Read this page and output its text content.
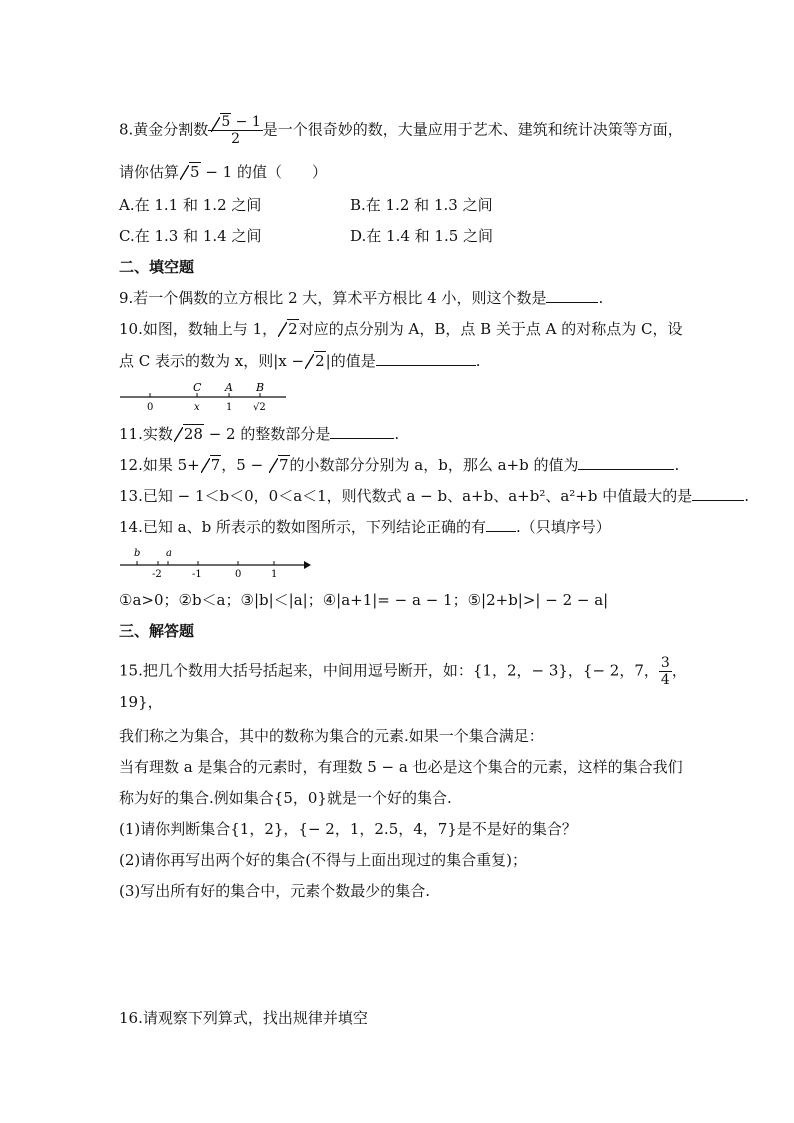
8.黄金分割数 $\frac{5 - 1}{2}$ 是一个很奇妙的数，大量应用于艺术、建筑和统计决策等方面，
请你估算 5 − 1 的值（　　）
A.在 1.1 和 1.2 之间	B.在 1.2 和 1.3 之间
C.在 1.3 和 1.4 之间	D.在 1.4 和 1.5 之间
二、填空题
9.若一个偶数的立方根比 2 大，算术平方根比 4 小，则这个数是	.
10.如图，数轴上与 1， 2对应的点分别为 A，B，点 B 关于点 A 的对称点为 C，设
点 C 表示的数为 x，则|x − 2|的值是	.
C A B
0	x	1 √2
11.实数 28 − 2 的整数部分是	.
12.如果 5+ 7，5 − 7的小数部分分别为 a，b，那么 a+b 的值为	.
13.已知 − 1＜b＜0，0＜a＜1，则代数式 a − b、a+b、a+b²、a²+b 中值最大的是	.
14.已知 a、b 所表示的数如图所示，下列结论正确的有 .（只填序号）
b	a
-2	-1	0	1
①a>0；②b＜a；③|b|＜|a|；④|a+1|= − a − 1；⑤|2+b|>| − 2 − a|
三、解答题
15.把几个数用大括号括起来，中间用逗号断开，如：{1，2，− 3}，{− 2，7， $\frac{3}{4}$ ，
19}，
我们称之为集合，其中的数称为集合的元素.如果一个集合满足：
当有理数 a 是集合的元素时，有理数 5 − a 也必是这个集合的元素，这样的集合我们
称为好的集合.例如集合{5，0}就是一个好的集合.
(1)请你判断集合{1，2}，{− 2，1，2.5，4，7}是不是好的集合？
(2)请你再写出两个好的集合(不得与上面出现过的集合重复)；
(3)写出所有好的集合中，元素个数最少的集合.
16.请观察下列算式，找出规律并填空
